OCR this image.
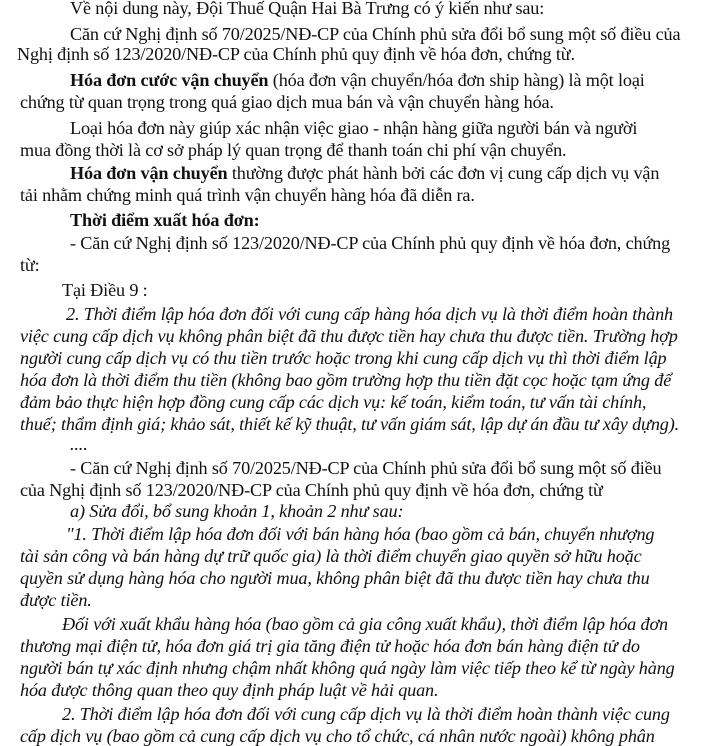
Về nội dung này, Đội Thuế Quận Hai Bà Trưng có ý kiến như sau:
Căn cứ Nghị định số 70/2025/NĐ-CP của Chính phủ sửa đổi bổ sung một số điều của
Nghị định số 123/2020/NĐ-CP của Chính phủ quy định về hóa đơn, chứng từ.
Hóa đơn cước vận chuyển (hóa đơn vận chuyển/hóa đơn ship hàng) là một loại
chứng từ quan trọng trong quá giao dịch mua bán và vận chuyển hàng hóa.
Loại hóa đơn này giúp xác nhận việc giao - nhận hàng giữa người bán và người
mua đồng thời là cơ sở pháp lý quan trọng để thanh toán chi phí vận chuyển.
Hóa đơn vận chuyển thường được phát hành bởi các đơn vị cung cấp dịch vụ vận
tải nhằm chứng minh quá trình vận chuyển hàng hóa đã diễn ra.
Thời điểm xuất hóa đơn:
- Căn cứ Nghị định số 123/2020/NĐ-CP của Chính phủ quy định về hóa đơn, chứng
từ:
Tại Điều 9 :
2. Thời điểm lập hóa đơn đối với cung cấp hàng hóa dịch vụ là thời điểm hoàn thành
việc cung cấp dịch vụ không phân biệt đã thu được tiền hay chưa thu được tiền. Trường hợp
người cung cấp dịch vụ có thu tiền trước hoặc trong khi cung cấp dịch vụ thì thời điểm lập
hóa đơn là thời điểm thu tiền (không bao gồm trường hợp thu tiền đặt cọc hoặc tạm ứng để
đảm bảo thực hiện hợp đồng cung cấp các dịch vụ: kế toán, kiểm toán, tư vấn tài chính,
thuế; thẩm định giá; khảo sát, thiết kế kỹ thuật, tư vấn giám sát, lập dự án đầu tư xây dựng).
....
- Căn cứ Nghị định số 70/2025/NĐ-CP của Chính phủ sửa đổi bổ sung một số điều
của Nghị định số 123/2020/NĐ-CP của Chính phủ quy định về hóa đơn, chứng từ
a) Sửa đổi, bổ sung khoản 1, khoản 2 như sau:
"1. Thời điểm lập hóa đơn đối với bán hàng hóa (bao gồm cả bán, chuyển nhượng
tài sản công và bán hàng dự trữ quốc gia) là thời điểm chuyển giao quyền sở hữu hoặc
quyền sử dụng hàng hóa cho người mua, không phân biệt đã thu được tiền hay chưa thu
được tiền.
Đối với xuất khẩu hàng hóa (bao gồm cả gia công xuất khẩu), thời điểm lập hóa đơn
thương mại điện tử, hóa đơn giá trị gia tăng điện tử hoặc hóa đơn bán hàng điện tử do
người bán tự xác định nhưng chậm nhất không quá ngày làm việc tiếp theo kể từ ngày hàng
hóa được thông quan theo quy định pháp luật về hải quan.
2. Thời điểm lập hóa đơn đối với cung cấp dịch vụ là thời điểm hoàn thành việc cung
cấp dịch vụ (bao gồm cả cung cấp dịch vụ cho tổ chức, cá nhân nước ngoài) không phân
